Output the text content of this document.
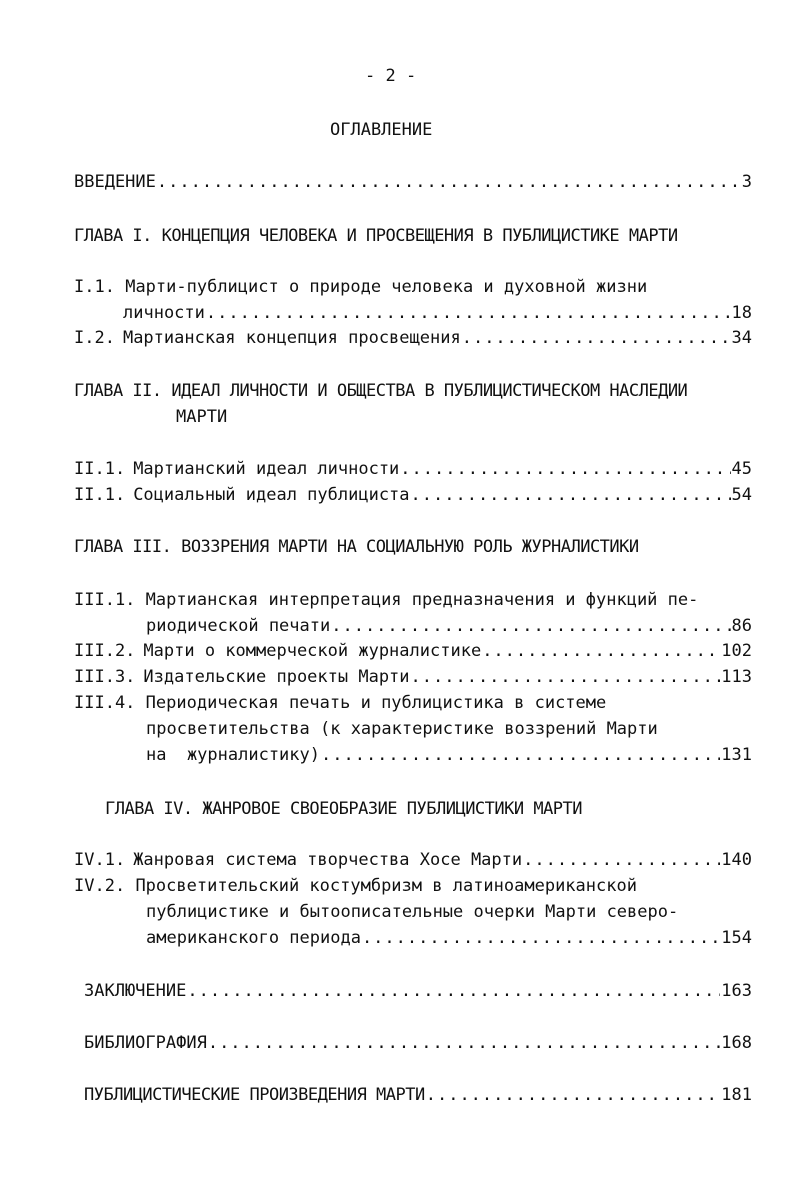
- 2 -
ОГЛАВЛЕНИЕ
ВВЕДЕНИЕ .....	3
ГЛАВА I. КОНЦЕПЦИЯ ЧЕЛОВЕКА И ПРОСВЕЩЕНИЯ В ПУБЛИЦИСТИКЕ МАРТИ
I.1. Марти-публицист о природе человека и духовной жизни
личности .....	18
I.2. Мартианская концепция просвещения .....	34
ГЛАВА II. ИДЕАЛ ЛИЧНОСТИ И ОБЩЕСТВА В ПУБЛИЦИСТИЧЕСКОМ НАСЛЕДИИ
МАРТИ
II.1. Мартианский идеал личности .....	45
II.1. Социальный идеал публициста .....	54
ГЛАВА III. ВОЗЗРЕНИЯ МАРТИ НА СОЦИАЛЬНУЮ РОЛЬ ЖУРНАЛИСТИКИ
III.1. Мартианская интерпретация предназначения и функций пе-
риодической печати .....	86
III.2. Марти о коммерческой журналистике .....	102
III.3. Издательские проекты Марти .....	113
III.4. Периодическая печать и публицистика в системе
просветительства (к характеристике воззрений Марти
на  журналистику) .....	131
ГЛАВА IV. ЖАНРОВОЕ СВОЕОБРАЗИЕ ПУБЛИЦИСТИКИ МАРТИ
IV.1. Жанровая система творчества Хосе Марти .....	140
IV.2. Просветительский костумбризм в латиноамериканской
публицистике и бытоописательные очерки Марти северо-
американского периода .....	154
ЗАКЛЮЧЕНИЕ .....	163
БИБЛИОГРАФИЯ .....	168
ПУБЛИЦИСТИЧЕСКИЕ ПРОИЗВЕДЕНИЯ МАРТИ .....	181
